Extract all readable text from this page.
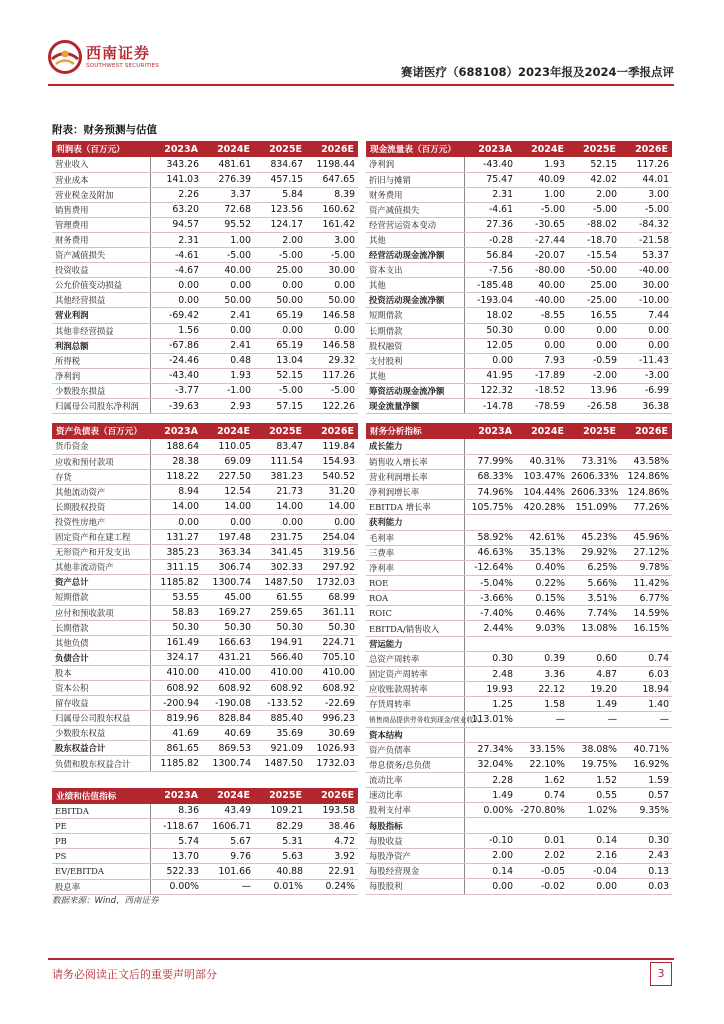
西南证券
SOUTHWEST SECURITIES	赛诺医疗（688108）2023年报及2024一季报点评
附表：财务预测与估值
利润表（百万元）	2023A	2024E	2025E	2026E
营业收入	343.26	481.61	834.67	1198.44
营业成本	141.03	276.39	457.15	647.65
营业税金及附加	2.26	3.37	5.84	8.39
销售费用	63.20	72.68	123.56	160.62
管理费用	94.57	95.52	124.17	161.42
财务费用	2.31	1.00	2.00	3.00
资产减值损失	-4.61	-5.00	-5.00	-5.00
投资收益	-4.67	40.00	25.00	30.00
公允价值变动损益	0.00	0.00	0.00	0.00
其他经营损益	0.00	50.00	50.00	50.00
营业利润	-69.42	2.41	65.19	146.58
其他非经营损益	1.56	0.00	0.00	0.00
利润总额	-67.86	2.41	65.19	146.58
所得税	-24.46	0.48	13.04	29.32
净利润	-43.40	1.93	52.15	117.26
少数股东损益	-3.77	-1.00	-5.00	-5.00
归属母公司股东净利润	-39.63	2.93	57.15	122.26
现金流量表（百万元）	2023A	2024E	2025E	2026E
净利润	-43.40	1.93	52.15	117.26
折旧与摊销	75.47	40.09	42.02	44.01
财务费用	2.31	1.00	2.00	3.00
资产减值损失	-4.61	-5.00	-5.00	-5.00
经营营运资本变动	27.36	-30.65	-88.02	-84.32
其他	-0.28	-27.44	-18.70	-21.58
经营活动现金流净额	56.84	-20.07	-15.54	53.37
资本支出	-7.56	-80.00	-50.00	-40.00
其他	-185.48	40.00	25.00	30.00
投资活动现金流净额	-193.04	-40.00	-25.00	-10.00
短期借款	18.02	-8.55	16.55	7.44
长期借款	50.30	0.00	0.00	0.00
股权融资	12.05	0.00	0.00	0.00
支付股利	0.00	7.93	-0.59	-11.43
其他	41.95	-17.89	-2.00	-3.00
筹资活动现金流净额	122.32	-18.52	13.96	-6.99
现金流量净额	-14.78	-78.59	-26.58	36.38
资产负债表（百万元）	2023A	2024E	2025E	2026E
货币资金	188.64	110.05	83.47	119.84
应收和预付款项	28.38	69.09	111.54	154.93
存货	118.22	227.50	381.23	540.52
其他流动资产	8.94	12.54	21.73	31.20
长期股权投资	14.00	14.00	14.00	14.00
投资性房地产	0.00	0.00	0.00	0.00
固定资产和在建工程	131.27	197.48	231.75	254.04
无形资产和开发支出	385.23	363.34	341.45	319.56
其他非流动资产	311.15	306.74	302.33	297.92
资产总计	1185.82	1300.74	1487.50	1732.03
短期借款	53.55	45.00	61.55	68.99
应付和预收款项	58.83	169.27	259.65	361.11
长期借款	50.30	50.30	50.30	50.30
其他负债	161.49	166.63	194.91	224.71
负债合计	324.17	431.21	566.40	705.10
股本	410.00	410.00	410.00	410.00
资本公积	608.92	608.92	608.92	608.92
留存收益	-200.94	-190.08	-133.52	-22.69
归属母公司股东权益	819.96	828.84	885.40	996.23
少数股东权益	41.69	40.69	35.69	30.69
股东权益合计	861.65	869.53	921.09	1026.93
负债和股东权益合计	1185.82	1300.74	1487.50	1732.03
业绩和估值指标	2023A	2024E	2025E	2026E
EBITDA	8.36	43.49	109.21	193.58
PE	-118.67	1606.71	82.29	38.46
PB	5.74	5.67	5.31	4.72
PS	13.70	9.76	5.63	3.92
EV/EBITDA	522.33	101.66	40.88	22.91
股息率	0.00%	—	0.01%	0.24%
财务分析指标	2023A	2024E	2025E	2026E
成长能力				
销售收入增长率	77.99%	40.31%	73.31%	43.58%
营业利润增长率	68.33%	103.47%	2606.33%	124.86%
净利润增长率	74.96%	104.44%	2606.33%	124.86%
EBITDA 增长率	105.75%	420.28%	151.09%	77.26%
获利能力				
毛利率	58.92%	42.61%	45.23%	45.96%
三费率	46.63%	35.13%	29.92%	27.12%
净利率	-12.64%	0.40%	6.25%	9.78%
ROE	-5.04%	0.22%	5.66%	11.42%
ROA	-3.66%	0.15%	3.51%	6.77%
ROIC	-7.40%	0.46%	7.74%	14.59%
EBITDA/销售收入	2.44%	9.03%	13.08%	16.15%
营运能力				
总资产周转率	0.30	0.39	0.60	0.74
固定资产周转率	2.48	3.36	4.87	6.03
应收账款周转率	19.93	22.12	19.20	18.94
存货周转率	1.25	1.58	1.49	1.40
销售商品提供劳务收到现金/营业收入	113.01%	—	—	—
资本结构				
资产负债率	27.34%	33.15%	38.08%	40.71%
带息债务/总负债	32.04%	22.10%	19.75%	16.92%
流动比率	2.28	1.62	1.52	1.59
速动比率	1.49	0.74	0.55	0.57
股利支付率	0.00%	-270.80%	1.02%	9.35%
每股指标				
每股收益	-0.10	0.01	0.14	0.30
每股净资产	2.00	2.02	2.16	2.43
每股经营现金	0.14	-0.05	-0.04	0.13
每股股利	0.00	-0.02	0.00	0.03
数据来源：Wind，西南证券
请务必阅读正文后的重要声明部分	3
